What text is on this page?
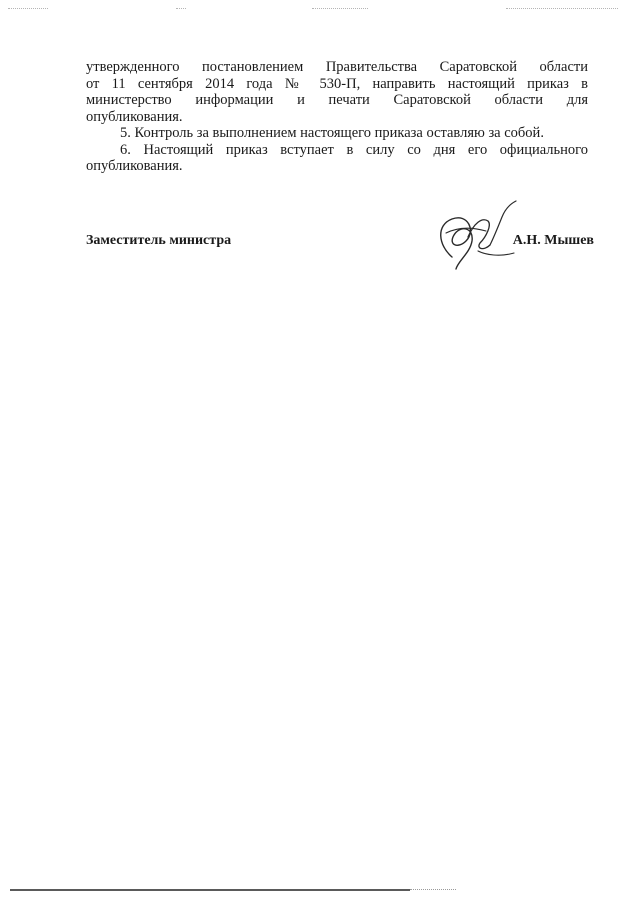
утвержденного постановлением Правительства Саратовской области
от 11 сентября 2014 года № 530-П, направить настоящий приказ в
министерство информации и печати Саратовской области для
опубликования.
5. Контроль за выполнением настоящего приказа оставляю за собой.
6. Настоящий приказ вступает в силу со дня его официального
опубликования.
Заместитель министра	А.Н. Мышев
